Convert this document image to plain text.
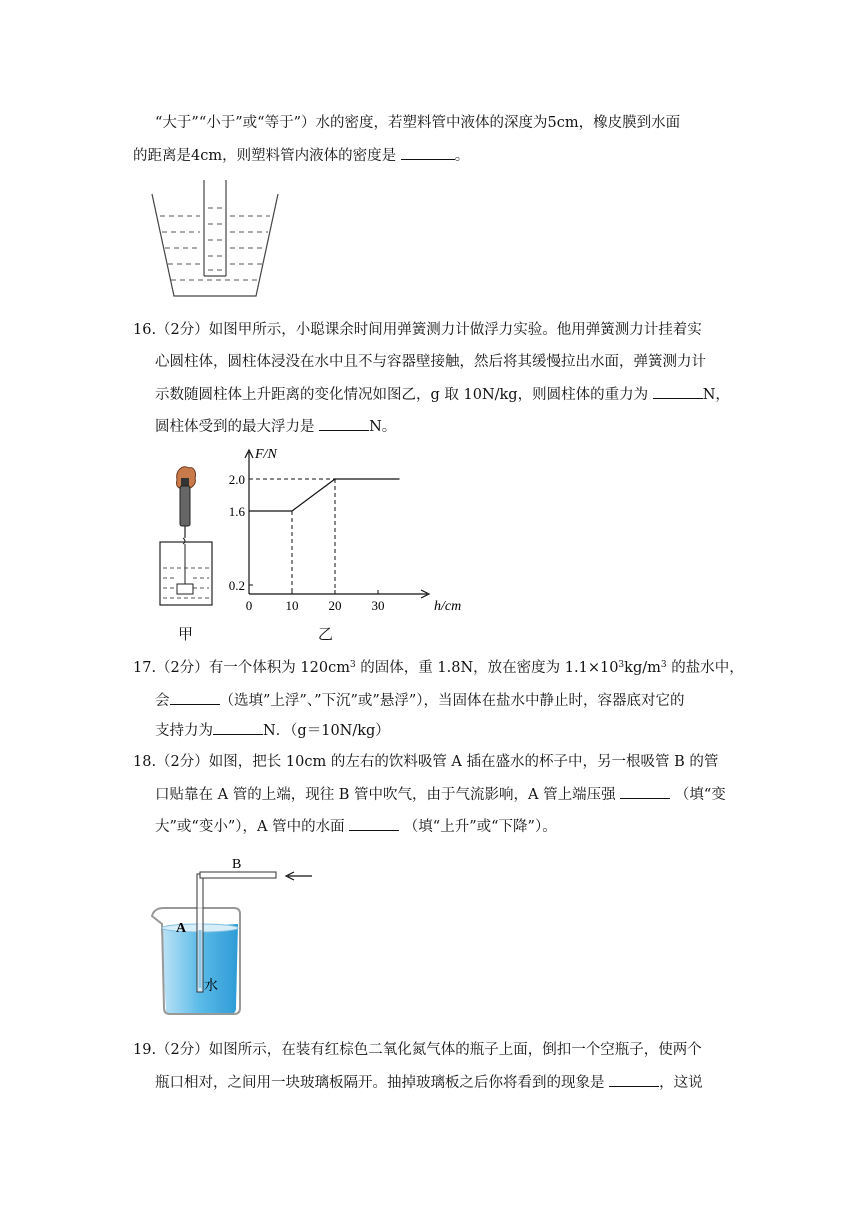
“大于”“小于”或“等于”）水的密度，若塑料管中液体的深度为5cm，橡皮膜到水面
的距离是4cm，则塑料管内液体的密度是	。
16.（2分）如图甲所示，小聪课余时间用弹簧测力计做浮力实验。他用弹簧测力计挂着实
心圆柱体，圆柱体浸没在水中且不与容器壁接触，然后将其缓慢拉出水面，弹簧测力计
示数随圆柱体上升距离的变化情况如图乙，g 取 10N/kg，则圆柱体的重力为	N，
圆柱体受到的最大浮力是	N。
甲
F/N
h/cm
0.2
1.6
2.0
0	10 20 30
乙
17.（2分）有一个体积为 $120cm^3$ 的固体，重 1.8N，放在密度为 $1.1\times 10^3kg/m^3$ 的盐水中，
会	（选填”上浮”、”下沉”或”悬浮”），当固体在盐水中静止时，容器底对它的
支持力为	N．（g＝10N/kg）
18.（2分）如图，把长 10cm 的左右的饮料吸管 A 插在盛水的杯子中，另一根吸管 B 的管
口贴靠在 A 管的上端，现往 B 管中吹气，由于气流影响，A 管上端压强	（填“变
大”或“变小”），A 管中的水面	（填“上升”或“下降”）。
A
B
水
19.（2分）如图所示，在装有红棕色二氧化氮气体的瓶子上面，倒扣一个空瓶子，使两个
瓶口相对，之间用一块玻璃板隔开。抽掉玻璃板之后你将看到的现象是	，这说
